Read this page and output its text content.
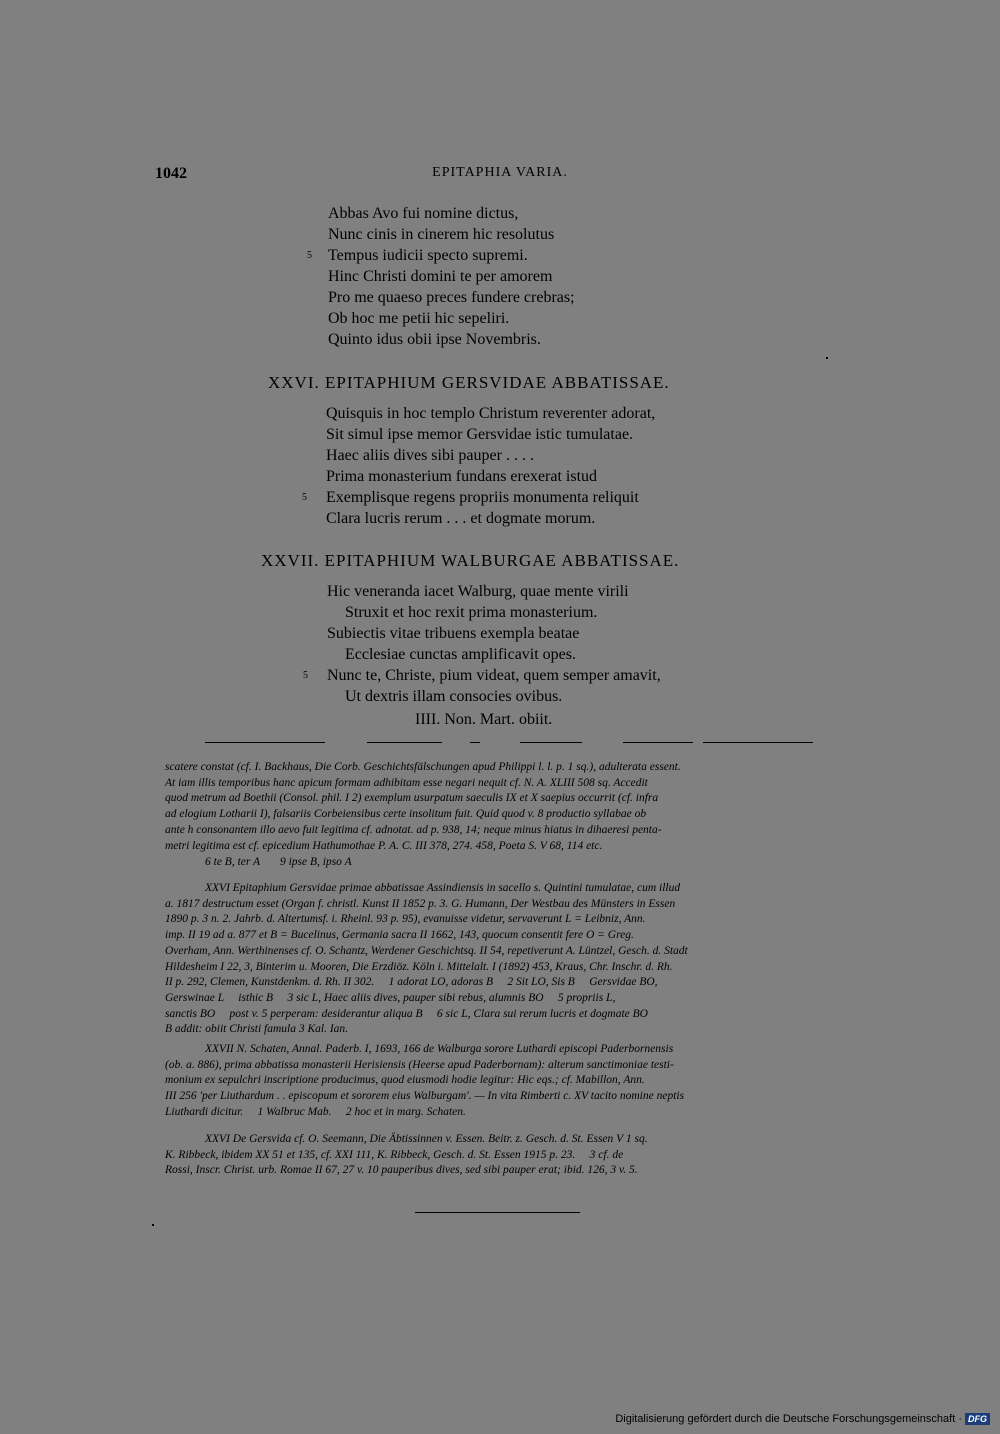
1042	EPITAPHIA VARIA.
Abbas Avo fui nomine dictus,
Nunc cinis in cinerem hic resolutus
5 Tempus iudicii specto supremi.
Hinc Christi domini te per amorem
Pro me quaeso preces fundere crebras;
Ob hoc me petii hic sepeliri.
Quinto idus obii ipse Novembris.
XXVI. EPITAPHIUM GERSVIDAE ABBATISSAE.
Quisquis in hoc templo Christum reverenter adorat,
Sit simul ipse memor Gersvidae istic tumulatae.
Haec aliis dives sibi pauper . . . .
Prima monasterium fundans erexerat istud
5 Exemplisque regens propriis monumenta reliquit
Clara lucris rerum . . . et dogmate morum.
XXVII. EPITAPHIUM WALBURGAE ABBATISSAE.
Hic veneranda iacet Walburg, quae mente virili
Struxit et hoc rexit prima monasterium.
Subiectis vitae tribuens exempla beatae
Ecclesiae cunctas amplificavit opes.
5 Nunc te, Christe, pium videat, quem semper amavit,
Ut dextris illam consocies ovibus.
IIII. Non. Mart. obiit.
scatere constat (cf. I. Backhaus, Die Corb. Geschichtsfälschungen apud Philippi l. l. p. 1 sq.), adulterata essent.
At iam illis temporibus hanc apicum formam adhibitam esse negari nequit cf. N. A. XLIII 508 sq. Accedit
quod metrum ad Boethii (Consol. phil. I 2) exemplum usurpatum saeculis IX et X saepius occurrit (cf. infra
ad elogium Lotharii I), falsariis Corbeiensibus certe insolitum fuit. Quid quod v. 8 productio syllabae ob
ante h consonantem illo aevo fuit legitima cf. adnotat. ad p. 938, 14; neque minus hiatus in dihaeresi penta-
metri legitima est cf. epicedium Hathumothae P. A. C. III 378, 274. 458, Poeta S. V 68, 114 etc.
6 te B, ter A       9 ipse B, ipso A
XXVI Epitaphium Gersvidae primae abbatissae Assindiensis in sacello s. Quintini tumulatae, cum illud
a. 1817 destructum esset (Organ f. christl. Kunst II 1852 p. 3. G. Humann, Der Westbau des Münsters in Essen
1890 p. 3 n. 2. Jahrb. d. Altertumsf. i. Rheinl. 93 p. 95), evanuisse videtur, servaverunt L = Leibniz, Ann.
imp. II 19 ad a. 877 et B = Bucelinus, Germania sacra II 1662, 143, quocum consentit fere O = Greg.
Overham, Ann. Werthinenses cf. O. Schantz, Werdener Geschichtsq. II 54, repetiverunt A. Lüntzel, Gesch. d. Stadt
Hildesheim I 22, 3, Binterim u. Mooren, Die Erzdiöz. Köln i. Mittelalt. I (1892) 453, Kraus, Chr. Inschr. d. Rh.
II p. 292, Clemen, Kunstdenkm. d. Rh. II 302.     1 adorat LO, adoras B     2 Sit LO, Sis B     Gersvidae BO,
Gerswinae L     isthic B     3 sic L, Haec aliis dives, pauper sibi rebus, alumnis BO     5 propriis L,
sanctis BO     post v. 5 perperam: desiderantur aliqua B     6 sic L, Clara sui rerum lucris et dogmate BO
B addit: obiit Christi famula 3 Kal. Ian.
XXVII N. Schaten, Annal. Paderb. I, 1693, 166 de Walburga sorore Luthardi episcopi Paderbornensis
(ob. a. 886), prima abbatissa monasterii Herisiensis (Heerse apud Paderbornam): alterum sanctimoniae testi-
monium ex sepulchri inscriptione producimus, quod eiusmodi hodie legitur: Hic eqs.; cf. Mabillon, Ann.
III 256 'per Liuthardum . . episcopum et sororem eius Walburgam'. — In vita Rimberti c. XV tacito nomine neptis
Liuthardi dicitur.     1 Walbruc Mab.     2 hoc et in marg. Schaten.
XXVI De Gersvida cf. O. Seemann, Die Äbtissinnen v. Essen. Beitr. z. Gesch. d. St. Essen V 1 sq.
K. Ribbeck, ibidem XX 51 et 135, cf. XXI 111, K. Ribbeck, Gesch. d. St. Essen 1915 p. 23.     3 cf. de
Rossi, Inscr. Christ. urb. Romae II 67, 27 v. 10 pauperibus dives, sed sibi pauper erat; ibid. 126, 3 v. 5.
Digitalisierung gefördert durch die Deutsche Forschungsgemeinschaft · DFG
